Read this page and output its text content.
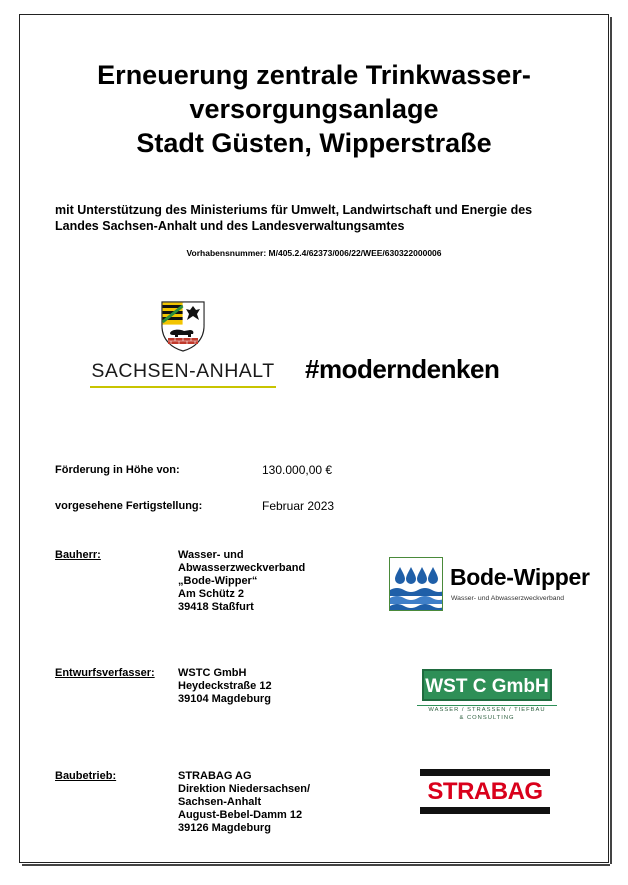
Erneuerung zentrale Trinkwasser-
versorgungsanlage
Stadt Güsten, Wipperstraße
mit Unterstützung des Ministeriums für Umwelt, Landwirtschaft und Energie des
Landes Sachsen-Anhalt und des Landesverwaltungsamtes
Vorhabensnummer: M/405.2.4/62373/006/22/WEE/630322000006
SACHSEN-ANHALT #moderndenken
Förderung in Höhe von:	130.000,00 €
vorgesehene Fertigstellung:	Februar 2023
Bauherr:	Wasser- und
Abwasserzweckverband
„Bode-Wipper“
Am Schütz 2
39418 Staßfurt
Bode-Wipper
Wasser- und Abwasserzweckverband
Entwurfsverfasser: WSTC GmbH
Heydeckstraße 12
39104 Magdeburg
WST C GmbH
WASSER / STRASSEN / TIEFBAU
& CONSULTING
Baubetrieb:	STRABAG AG
Direktion Niedersachsen/
Sachsen-Anhalt
August-Bebel-Damm 12
39126 Magdeburg
STRABAG
